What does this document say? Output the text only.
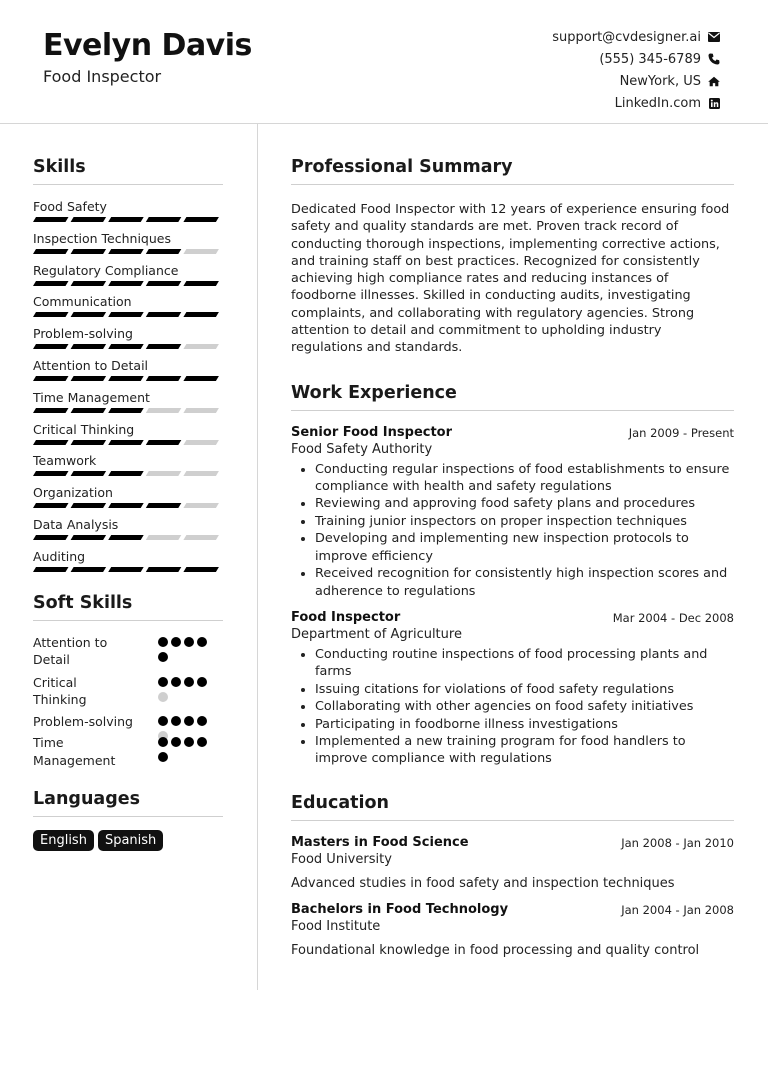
Evelyn Davis
Food Inspector
support@cvdesigner.ai
(555) 345-6789
NewYork, US
LinkedIn.com
Skills
Food Safety
Inspection Techniques
Regulatory Compliance
Communication
Problem-solving
Attention to Detail
Time Management
Critical Thinking
Teamwork
Organization
Data Analysis
Auditing
Soft Skills
Attention to Detail
Critical Thinking
Problem-solving
Time Management
Languages
English	Spanish
Professional Summary
Dedicated Food Inspector with 12 years of experience ensuring food safety and quality standards are met. Proven track record of conducting thorough inspections, implementing corrective actions, and training staff on best practices. Recognized for consistently achieving high compliance rates and reducing instances of foodborne illnesses. Skilled in conducting audits, investigating complaints, and collaborating with regulatory agencies. Strong attention to detail and commitment to upholding industry regulations and standards.
Work Experience
Senior Food Inspector	Jan 2009 - Present
Food Safety Authority
• Conducting regular inspections of food establishments to ensure compliance with health and safety regulations
• Reviewing and approving food safety plans and procedures
• Training junior inspectors on proper inspection techniques
• Developing and implementing new inspection protocols to improve efficiency
• Received recognition for consistently high inspection scores and adherence to regulations
Food Inspector	Mar 2004 - Dec 2008
Department of Agriculture
• Conducting routine inspections of food processing plants and farms
• Issuing citations for violations of food safety regulations
• Collaborating with other agencies on food safety initiatives
• Participating in foodborne illness investigations
• Implemented a new training program for food handlers to improve compliance with regulations
Education
Masters in Food Science	Jan 2008 - Jan 2010
Food University
Advanced studies in food safety and inspection techniques
Bachelors in Food Technology	Jan 2004 - Jan 2008
Food Institute
Foundational knowledge in food processing and quality control
